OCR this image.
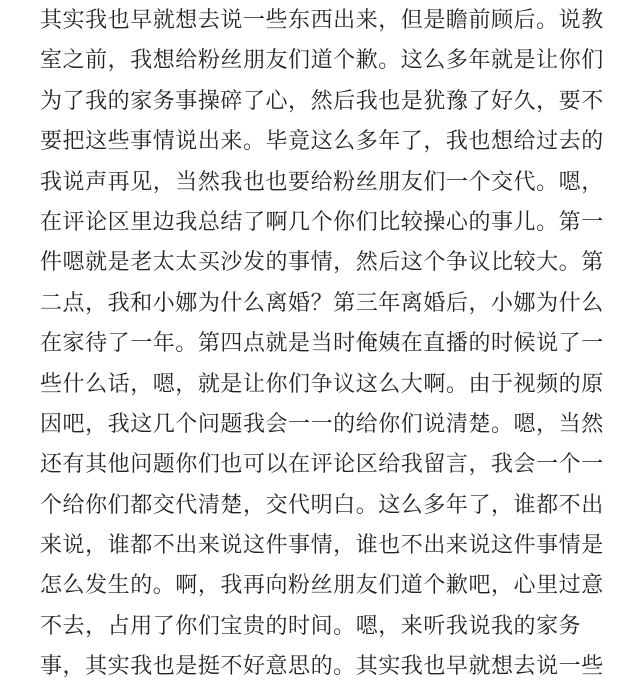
其实我也早就想去说一些东西出来，但是瞻前顾后。说教
室之前，我想给粉丝朋友们道个歉。这么多年就是让你们
为了我的家务事操碎了心，然后我也是犹豫了好久，要不
要把这些事情说出来。毕竟这么多年了，我也想给过去的
我说声再见，当然我也也要给粉丝朋友们一个交代。嗯，
在评论区里边我总结了啊几个你们比较操心的事儿。第一
件嗯就是老太太买沙发的事情，然后这个争议比较大。第
二点，我和小娜为什么离婚？第三年离婚后，小娜为什么
在家待了一年。第四点就是当时俺姨在直播的时候说了一
些什么话，嗯，就是让你们争议这么大啊。由于视频的原
因吧，我这几个问题我会一一的给你们说清楚。嗯，当然
还有其他问题你们也可以在评论区给我留言，我会一个一
个给你们都交代清楚，交代明白。这么多年了，谁都不出
来说，谁都不出来说这件事情，谁也不出来说这件事情是
怎么发生的。啊，我再向粉丝朋友们道个歉吧，心里过意
不去，占用了你们宝贵的时间。嗯，来听我说我的家务
事，其实我也是挺不好意思的。其实我也早就想去说一些
